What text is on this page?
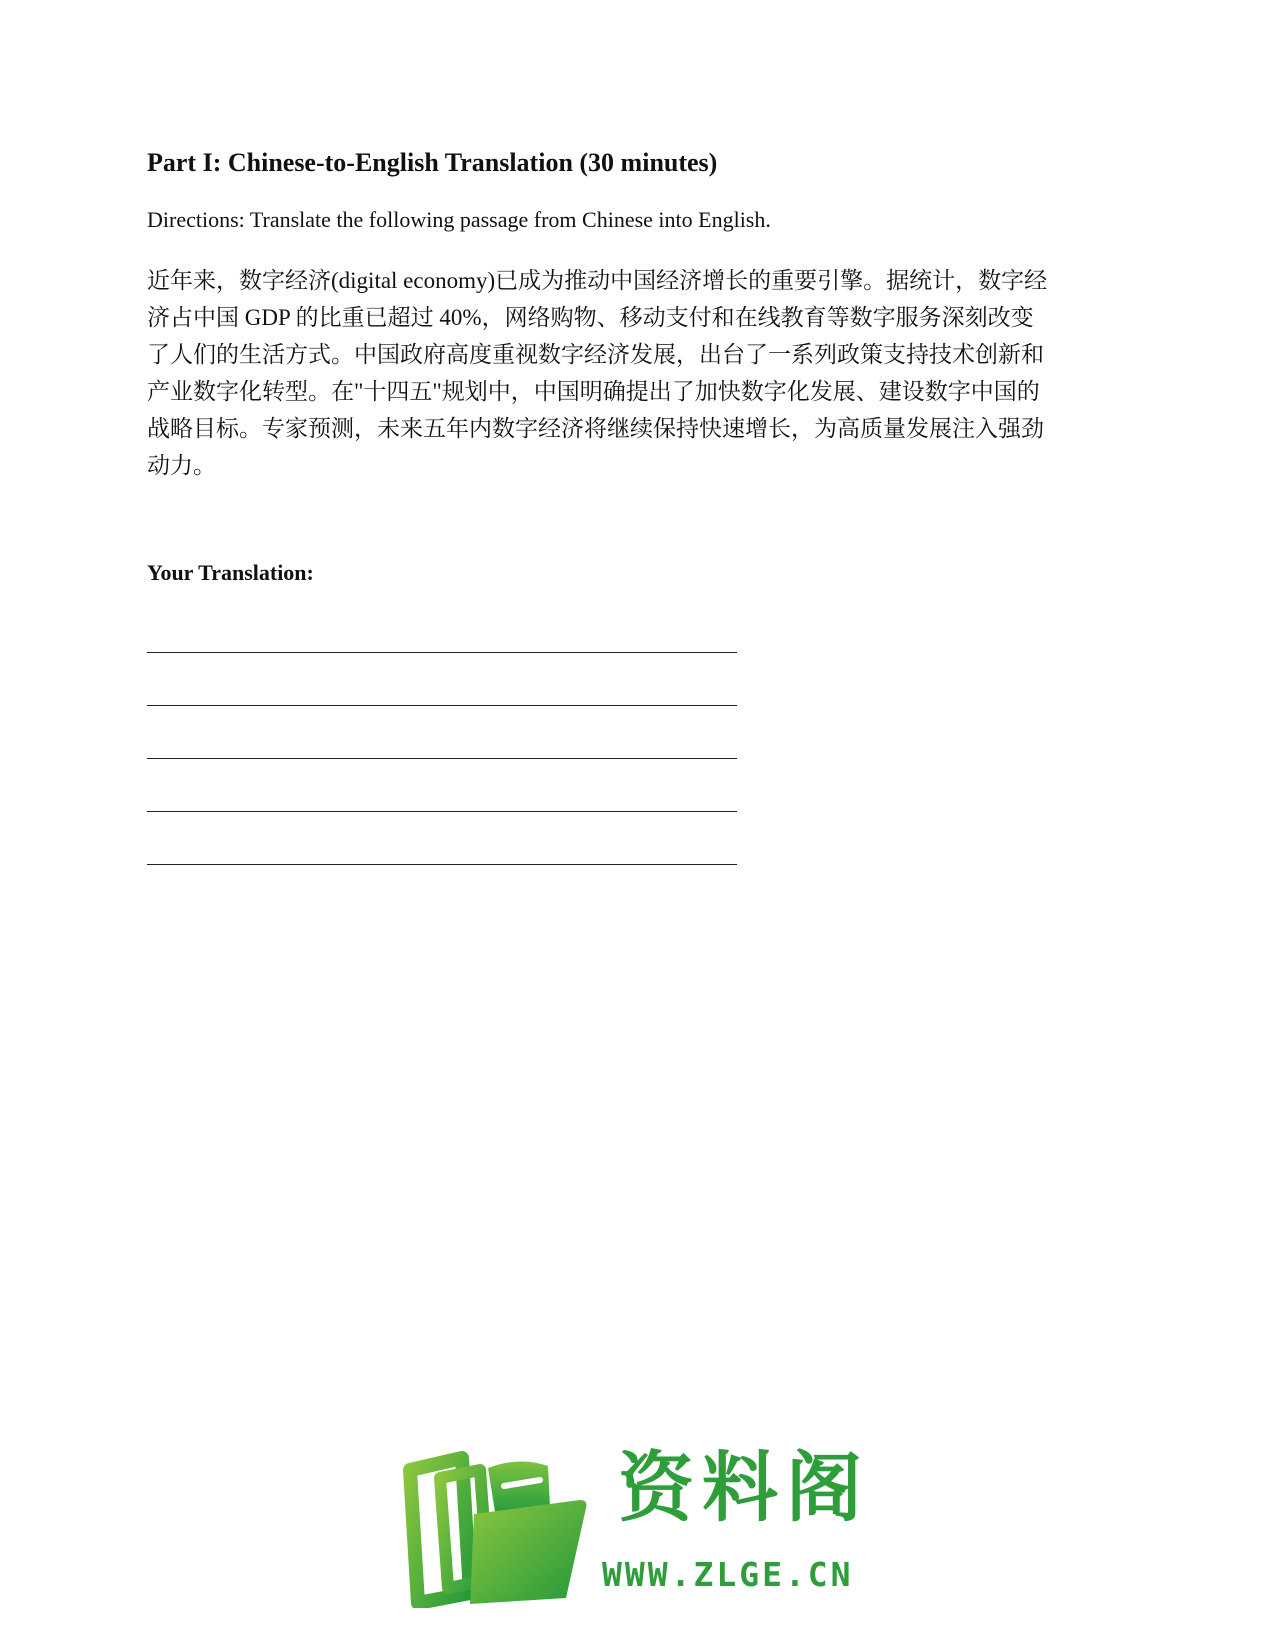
Part I: Chinese-to-English Translation (30 minutes)

Directions: Translate the following passage from Chinese into English.

近年来，数字经济(digital economy)已成为推动中国经济增长的重要引擎。据统计，数字经
济占中国 GDP 的比重已超过 40%，网络购物、移动支付和在线教育等数字服务深刻改变
了人们的生活方式。中国政府高度重视数字经济发展，出台了一系列政策支持技术创新和
产业数字化转型。在"十四五"规划中，中国明确提出了加快数字化发展、建设数字中国的
战略目标。专家预测，未来五年内数字经济将继续保持快速增长，为高质量发展注入强劲
动力。

Your Translation:

资料阁
WWW.ZLGE.CN
